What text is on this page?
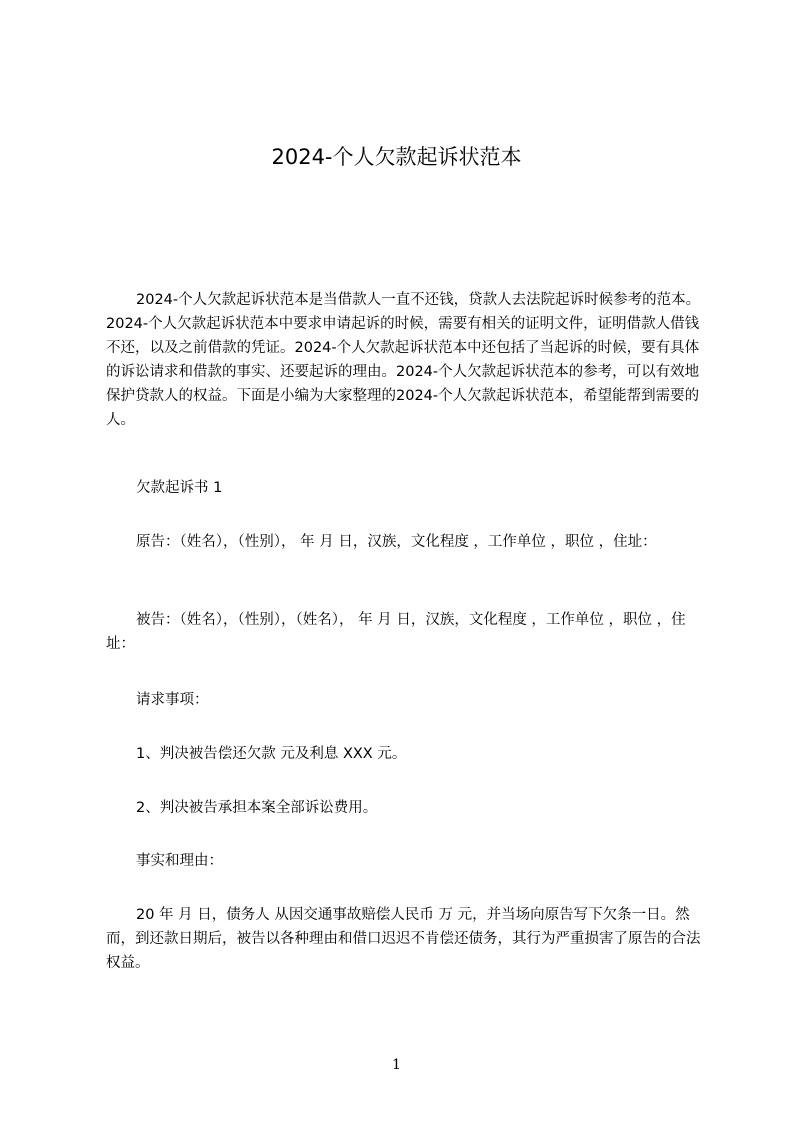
2024-个人欠款起诉状范本

2024-个人欠款起诉状范本是当借款人一直不还钱，贷款人去法院起诉时候参考的范本。2024-个人欠款起诉状范本中要求申请起诉的时候，需要有相关的证明文件，证明借款人借钱不还，以及之前借款的凭证。2024-个人欠款起诉状范本中还包括了当起诉的时候，要有具体的诉讼请求和借款的事实、还要起诉的理由。2024-个人欠款起诉状范本的参考，可以有效地保护贷款人的权益。下面是小编为大家整理的2024-个人欠款起诉状范本，希望能帮到需要的人。

欠款起诉书 1

原告：（姓名），（性别）， 年 月 日，汉族，文化程度 ，工作单位 ，职位 ，住址：

被告：（姓名），（性别），（姓名）， 年 月 日，汉族，文化程度 ，工作单位 ，职位 ，住址：

请求事项：

1、判决被告偿还欠款 元及利息 XXX 元。

2、判决被告承担本案全部诉讼费用。

事实和理由：

20 年 月 日，债务人 从因交通事故赔偿人民币 万 元，并当场向原告写下欠条一日。然而，到还款日期后，被告以各种理由和借口迟迟不肯偿还债务，其行为严重损害了原告的合法权益。

1
